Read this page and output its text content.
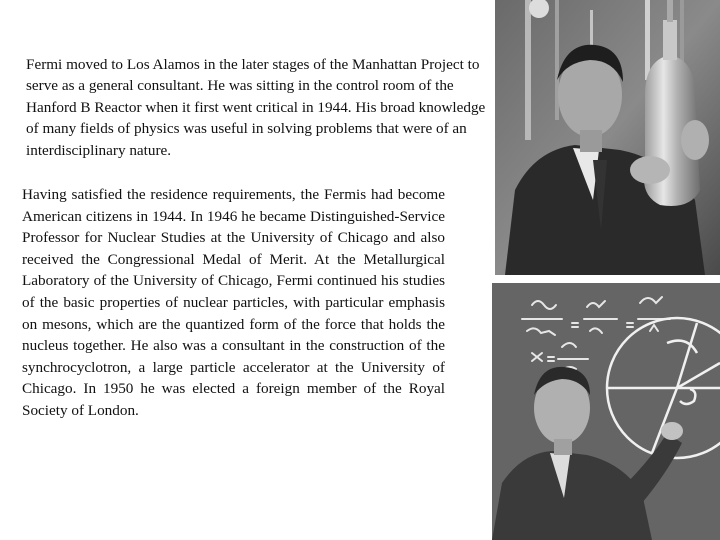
Fermi moved to Los Alamos in the later stages of the Manhattan Project to serve as a general consultant. He was sitting in the control room of the Hanford B Reactor when it first went critical in 1944. His broad knowledge of many fields of physics was useful in solving problems that were of an interdisciplinary nature.

Having satisfied the residence requirements, the Fermis had become American citizens in 1944. In 1946 he became Distinguished-Service Professor for Nuclear Studies at the University of Chicago and also received the Congressional Medal of Merit. At the Metallurgical Laboratory of the University of Chicago, Fermi continued his studies of the basic properties of nuclear particles, with particular emphasis on mesons, which are the quantized form of the force that holds the nucleus together. He also was a consultant in the construction of the synchrocyclotron, a large particle accelerator at the University of Chicago. In 1950 he was elected a foreign member of the Royal Society of London.
